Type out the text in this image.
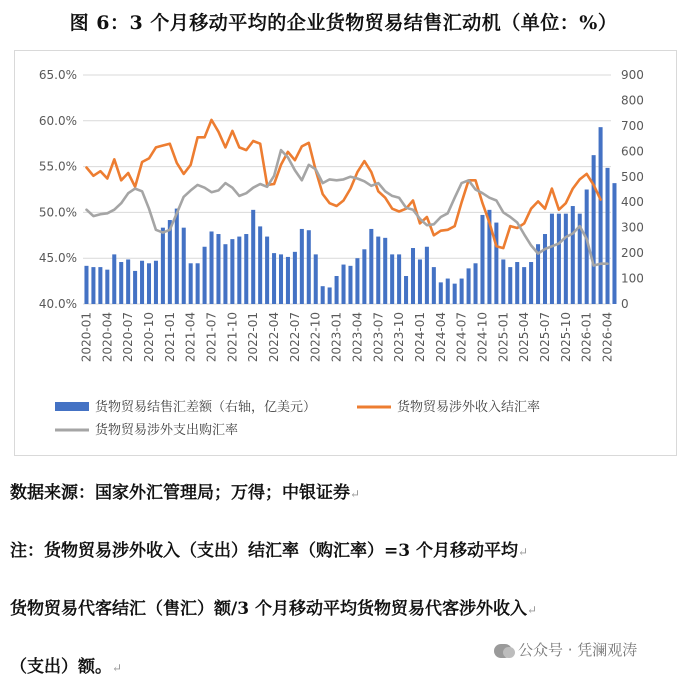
图 6：3 个月移动平均的企业货物贸易结售汇动机（单位：%）
40.0%
45.0%
50.0%
55.0%
60.0%
65.0%
0
100
200
300
400
500
600
700
800
900
2020-01 2020-04 2020-07 2020-10 2021-01 2021-04 2021-07 2021-10 2022-01 2022-04 2022-07 2022-10 2023-01 2023-04 2023-07 2023-10 2024-01 2024-04 2024-07 2024-10 2025-01 2025-04 2025-07 2025-10 2026-01 2026-04
货物贸易结售汇差额（右轴，亿美元）	货物贸易涉外收入结汇率
货物贸易涉外支出购汇率
数据来源：国家外汇管理局；万得；中银证券↵
注：货物贸易涉外收入（支出）结汇率（购汇率）=3 个月移动平均↵
货物贸易代客结汇（售汇）额/3 个月移动平均货物贸易代客涉外收入↵
（支出）额。↵
公众号 · 凭澜观涛
